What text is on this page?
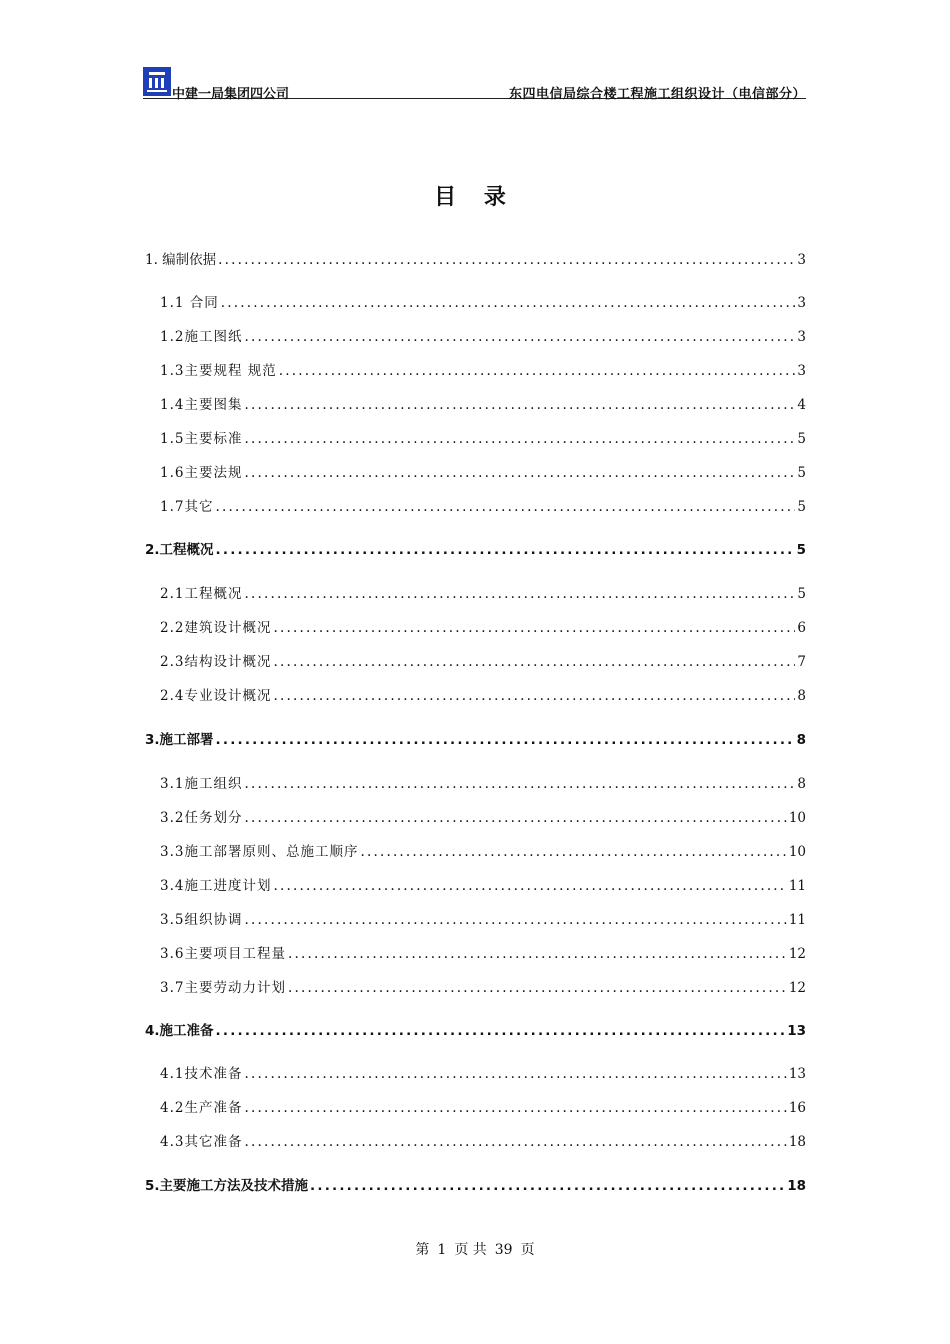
中建一局集团四公司	东四电信局综合楼工程施工组织设计（电信部分）
目 录
1. 编制依据 .....	3
1.1 合同 .....	3
1.2施工图纸 .....	3
1.3主要规程 规范 .....	3
1.4主要图集 .....	4
1.5主要标准 .....	5
1.6主要法规 .....	5
1.7其它 .....	5
2.工程概况 .....	5
2.1工程概况 .....	5
2.2建筑设计概况 .....	6
2.3结构设计概况 .....	7
2.4专业设计概况 .....	8
3.施工部署 .....	8
3.1施工组织 .....	8
3.2任务划分 .....	10
3.3施工部署原则、总施工顺序 .....	10
3.4施工进度计划 .....	11
3.5组织协调 .....	11
3.6主要项目工程量 .....	12
3.7主要劳动力计划 .....	12
4.施工准备 .....	13
4.1技术准备 .....	13
4.2生产准备 .....	16
4.3其它准备 .....	18
5.主要施工方法及技术措施 .....	18
第 1 页 共 39 页
